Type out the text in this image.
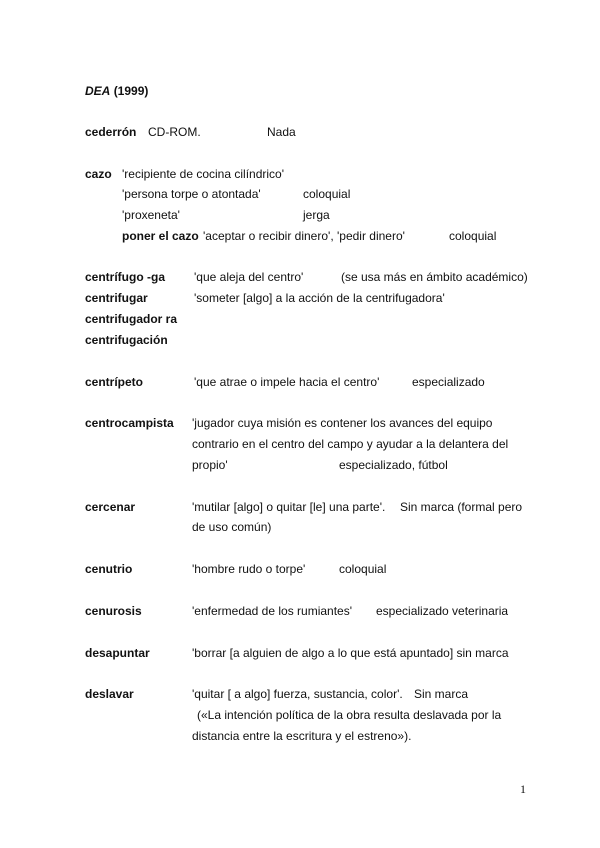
DEA (1999)
cederrón CD-ROM.	Nada
cazo 'recipiente de cocina cilíndrico'
'persona torpe o atontada'	coloquial
'proxeneta'	jerga
poner el cazo 'aceptar o recibir dinero', 'pedir dinero'	coloquial
centrífugo -ga 'que aleja del centro'	(se usa más en ámbito académico)
centrifugar	'someter [algo] a la acción de la centrifugadora'
centrifugador ra
centrifugación
centrípeto	'que atrae o impele hacia el centro'	especializado
centrocampista 'jugador cuya misión es contener los avances del equipo
contrario en el centro del campo y ayudar a la delantera del
propio'	especializado, fútbol
cercenar	'mutilar [algo] o quitar [le] una parte'. Sin marca (formal pero
de uso común)
cenutrio	'hombre rudo o torpe'	coloquial
cenurosis	'enfermedad de los rumiantes' especializado veterinaria
desapuntar	'borrar [a alguien de algo a lo que está apuntado] sin marca
deslavar	'quitar [ a algo] fuerza, sustancia, color'. Sin marca
(«La intención política de la obra resulta deslavada por la
distancia entre la escritura y el estreno»).
1
